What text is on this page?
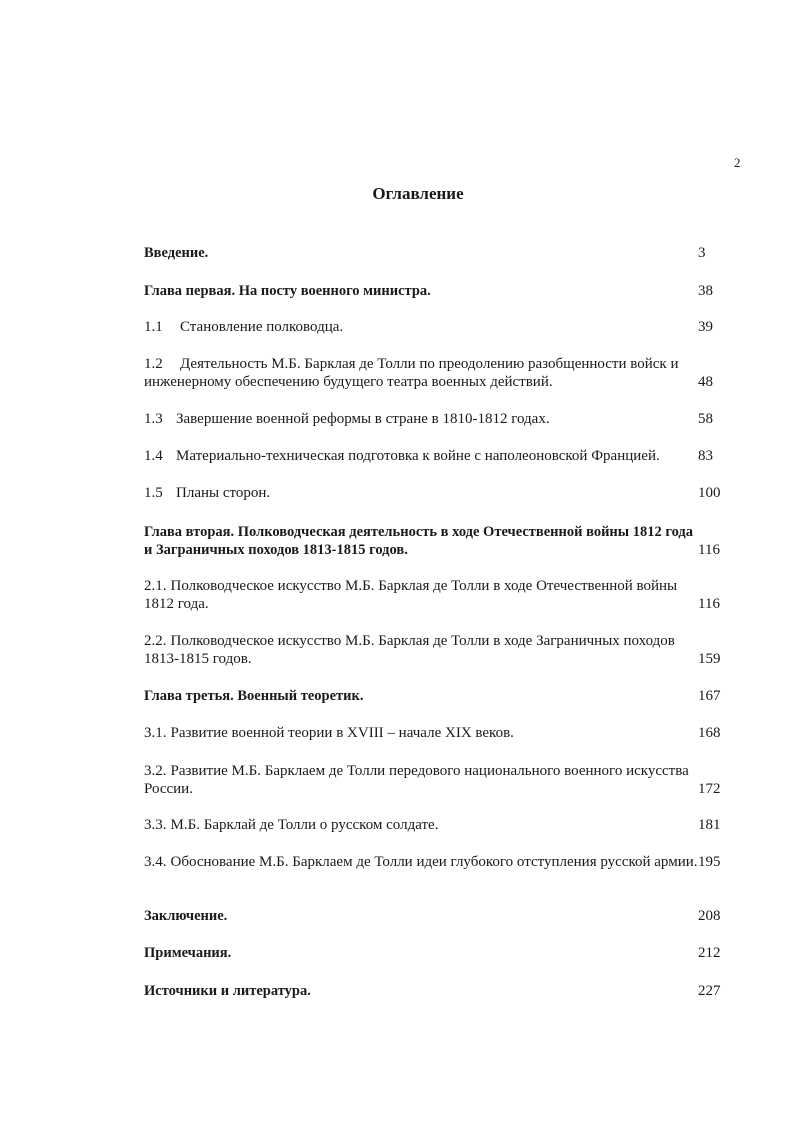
2
Оглавление
Введение.	3
Глава первая. На посту военного министра.	38
1.1 Становление полководца.	39
1.2 Деятельность М.Б. Барклая де Толли по преодолению разобщенности войск и инженерному обеспечению будущего театра военных действий.	48
1.3 Завершение военной реформы в стране в 1810-1812 годах.	58
1.4 Материально-техническая подготовка к войне с наполеоновской Францией.	83
1.5 Планы сторон.	100
Глава вторая. Полководческая деятельность в ходе Отечественной войны 1812 года и Заграничных походов 1813-1815 годов.	116
2.1. Полководческое искусство М.Б. Барклая де Толли в ходе Отечественной войны 1812 года.	116
2.2. Полководческое искусство М.Б. Барклая де Толли в ходе Заграничных походов 1813-1815 годов.	159
Глава третья. Военный теоретик.	167
3.1. Развитие военной теории в XVIII – начале XIX веков.	168
3.2. Развитие М.Б. Барклаем де Толли передового национального военного искусства России.	172
3.3. М.Б. Барклай де Толли о русском солдате.	181
3.4. Обоснование М.Б. Барклаем де Толли идеи глубокого отступления русской армии. 195
Заключение.	208
Примечания.	212
Источники и литература.	227
